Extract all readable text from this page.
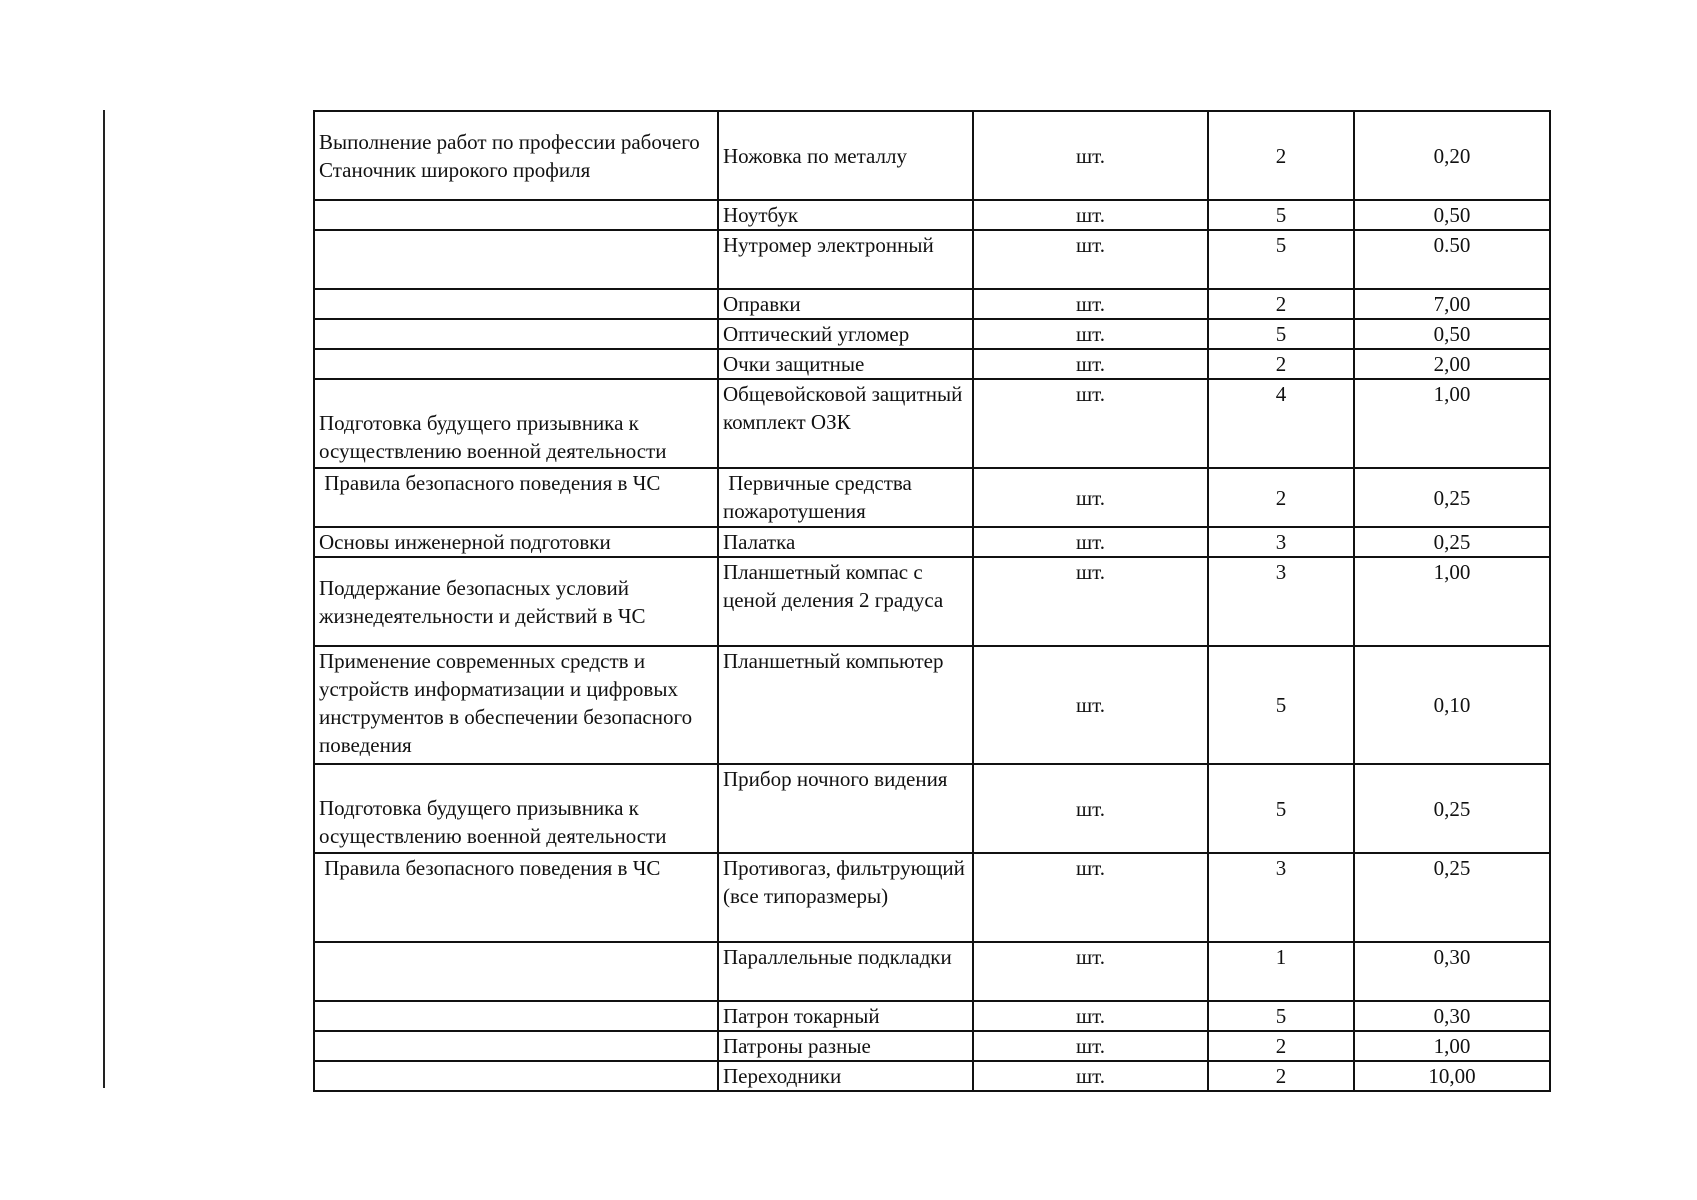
Выполнение работ по профессии рабочего  Станочник широкого профиля	Ножовка по металлу	шт.	2	0,20
	Ноутбук	шт.	5	0,50
	Нутромер электронный	шт.	5	0.50
	Оправки	шт.	2	7,00
	Оптический угломер	шт.	5	0,50
	Очки защитные	шт.	2	2,00
Подготовка будущего призывника к осуществлению военной деятельности	Общевойсковой защитный комплект ОЗК	шт.	4	1,00
Правила безопасного поведения в ЧС	Первичные средства пожаротушения	шт.	2	0,25
Основы инженерной подготовки	Палатка	шт.	3	0,25
Поддержание безопасных условий жизнедеятельности и действий в ЧС	Планшетный компас с ценой деления 2 градуса	шт.	3	1,00
Применение современных средств и устройств информатизации и цифровых инструментов в обеспечении безопасного поведения	Планшетный компьютер	шт.	5	0,10
Подготовка будущего призывника к осуществлению военной деятельности	Прибор ночного видения	шт.	5	0,25
Правила безопасного поведения в ЧС	Противогаз, фильтрующий (все типоразмеры)	шт.	3	0,25
	Параллельные подкладки	шт.	1	0,30
	Патрон токарный	шт.	5	0,30
	Патроны разные	шт.	2	1,00
	Переходники	шт.	2	10,00
